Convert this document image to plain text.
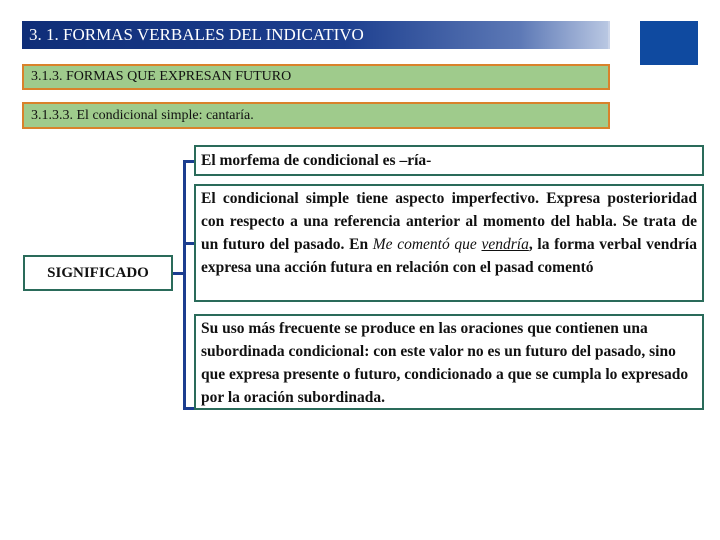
3. 1. FORMAS VERBALES DEL INDICATIVO
3.1.3. FORMAS QUE EXPRESAN FUTURO
3.1.3.3. El condicional simple: cantaría.
SIGNIFICADO
El morfema de condicional es –ría-
El condicional simple tiene aspecto imperfectivo. Expresa posterioridad con respecto a una referencia anterior al momento del habla. Se trata de un futuro del pasado. En Me comentó que vendría, la forma verbal vendría expresa una acción futura en relación con el pasad comentó
Su uso más frecuente se produce en las oraciones que contienen una subordinada condicional: con este valor no es un futuro del pasado, sino que expresa presente o futuro, condicionado a que se cumpla lo expresado por la oración subordinada.
